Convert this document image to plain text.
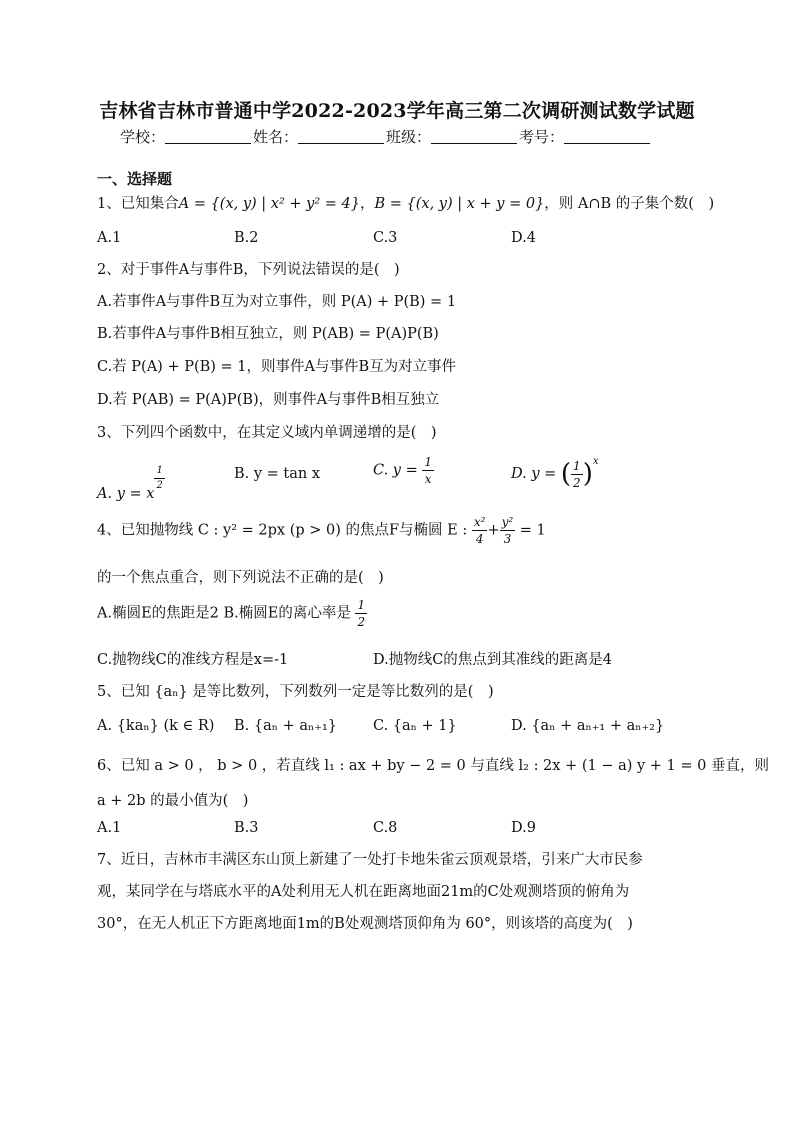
吉林省吉林市普通中学2022-2023学年高三第二次调研测试数学试题
学校：	姓名：	班级：	考号：
一、选择题
1、已知集合A = {(x, y) | x² + y² = 4}，B = {(x, y) | x + y = 0}，则 A∩B 的子集个数(　)
A.1	B.2	C.3	D.4
2、对于事件A与事件B，下列说法错误的是(　)
A.若事件A与事件B互为对立事件，则 P(A) + P(B) = 1
B.若事件A与事件B相互独立，则 P(AB) = P(A)P(B)
C.若 P(A) + P(B) = 1，则事件A与事件B互为对立事件
D.若 P(AB) = P(A)P(B)，则事件A与事件B相互独立
3、下列四个函数中，在其定义域内单调递增的是(　)
A. y = x
$\frac{1}{2}$	B. y = tan x	C. $y = \frac{1}{x}$	D. y = ( $\frac{1}{2} )^x$
4、已知抛物线 C : y² = 2px (p > 0) 的焦点F与椭圆 E : $\frac{\text{x²}}{4} + \frac{\text{y²}}{3} = 1$
的一个焦点重合，则下列说法不正确的是(　)
A.椭圆E的焦距是2 B.椭圆E的离心率是 $\frac{1}{2}$
C.抛物线C的准线方程是x=-1	D.抛物线C的焦点到其准线的距离是4
5、已知 {aₙ} 是等比数列，下列数列一定是等比数列的是(　)
A. {kaₙ} (k ∈ R) B. {aₙ + aₙ₊₁} C. {aₙ + 1}	D. {aₙ + aₙ₊₁ + aₙ₊₂}
6、已知 a > 0 ， b > 0 ，若直线 l₁ : ax + by − 2 = 0 与直线 l₂ : 2x + (1 − a) y + 1 = 0 垂直，则
a + 2b 的最小值为(　)
A.1	B.3	C.8	D.9
7、近日，吉林市丰满区东山顶上新建了一处打卡地朱雀云顶观景塔，引来广大市民参
观，某同学在与塔底水平的A处利用无人机在距离地面21m的C处观测塔顶的俯角为
30°，在无人机正下方距离地面1m的B处观测塔顶仰角为 60°，则该塔的高度为(　)
